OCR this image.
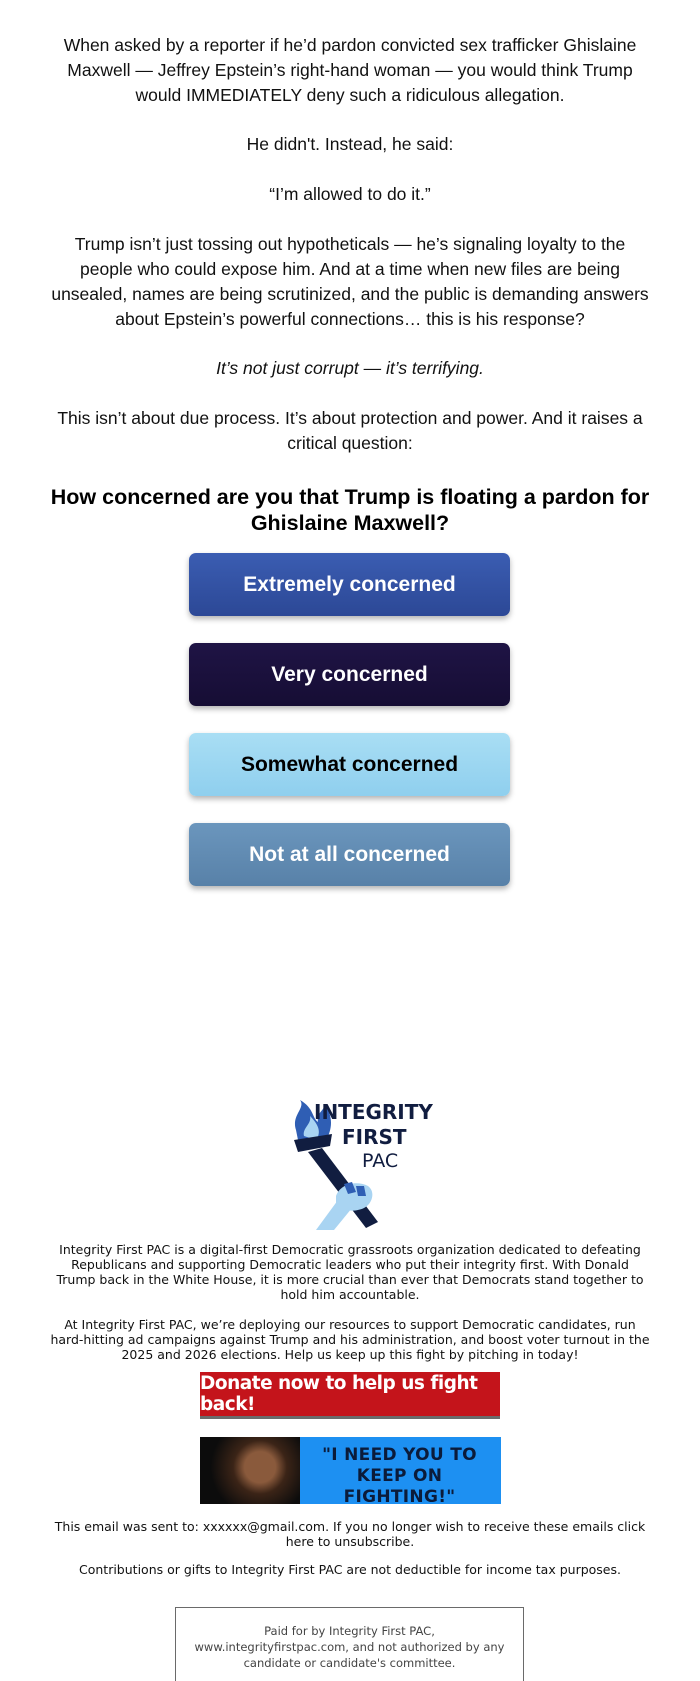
When asked by a reporter if he’d pardon convicted sex trafficker Ghislaine Maxwell — Jeffrey Epstein’s right-hand woman — you would think Trump would IMMEDIATELY deny such a ridiculous allegation.

He didn't. Instead, he said:

“I’m allowed to do it.”

Trump isn’t just tossing out hypotheticals — he’s signaling loyalty to the people who could expose him. And at a time when new files are being unsealed, names are being scrutinized, and the public is demanding answers about Epstein’s powerful connections… this is his response?

It’s not just corrupt — it’s terrifying.

This isn’t about due process. It’s about protection and power. And it raises a critical question:

How concerned are you that Trump is floating a pardon for Ghislaine Maxwell?
Extremely concerned
Very concerned
Somewhat concerned
Not at all concerned
INTEGRITY
FIRST
PAC
Integrity First PAC is a digital-first Democratic grassroots organization dedicated to defeating Republicans and supporting Democratic leaders who put their integrity first. With Donald Trump back in the White House, it is more crucial than ever that Democrats stand together to hold him accountable.
At Integrity First PAC, we’re deploying our resources to support Democratic candidates, run hard-hitting ad campaigns against Trump and his administration, and boost voter turnout in the 2025 and 2026 elections. Help us keep up this fight by pitching in today!
Donate now to help us fight back!
"I NEED YOU TO KEEP ON FIGHTING!"
This email was sent to: xxxxxx@gmail.com. If you no longer wish to receive these emails click here to unsubscribe.
Contributions or gifts to Integrity First PAC are not deductible for income tax purposes.
Paid for by Integrity First PAC, www.integrityfirstpac.com, and not authorized by any candidate or candidate's committee.
